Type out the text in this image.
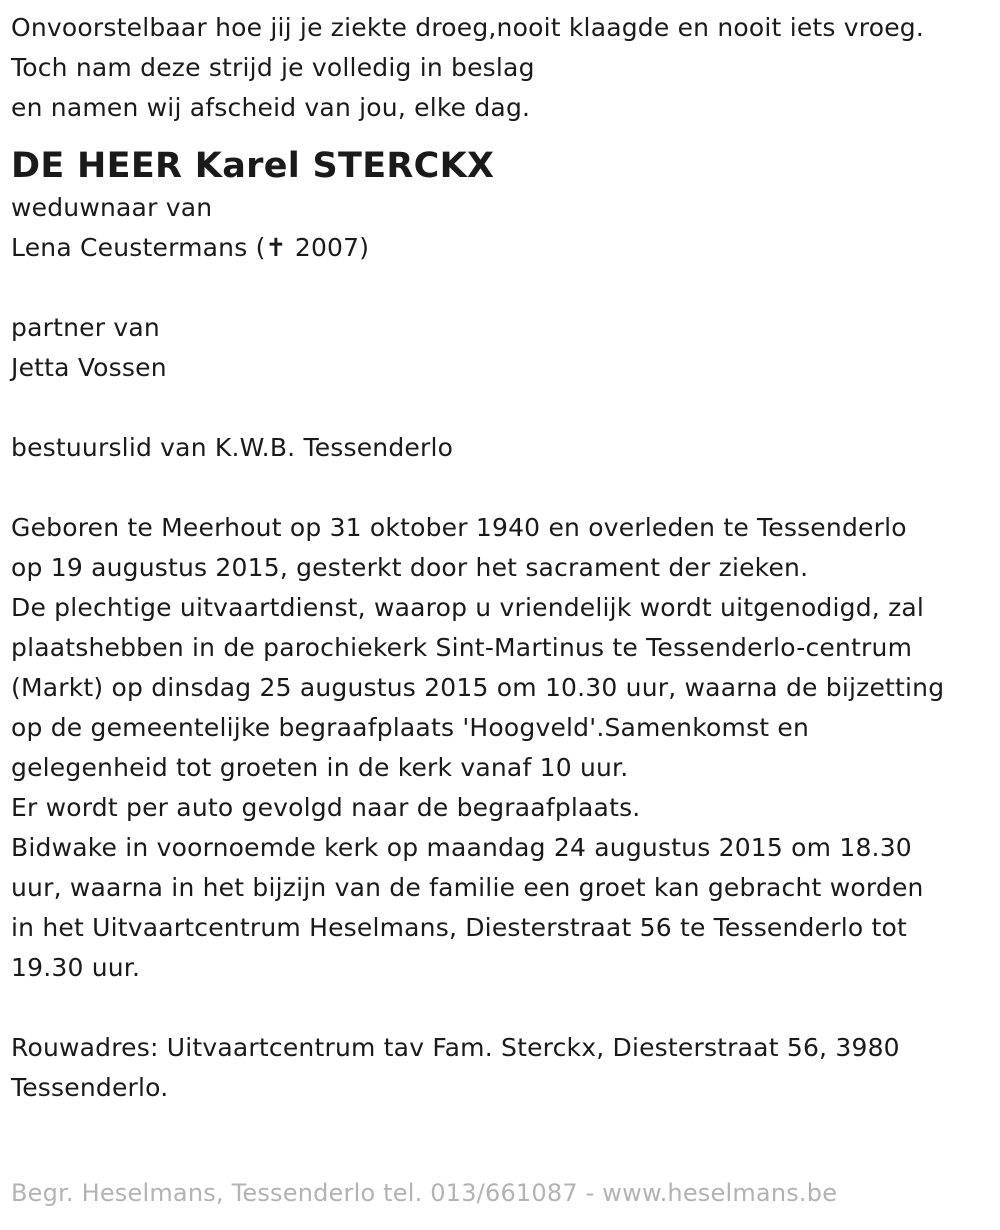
Onvoorstelbaar hoe jij je ziekte droeg,nooit klaagde en nooit iets vroeg.
Toch nam deze strijd je volledig in beslag
en namen wij afscheid van jou, elke dag.
DE HEER Karel STERCKX
weduwnaar van
Lena Ceustermans (✝ 2007)
partner van
Jetta Vossen
bestuurslid van K.W.B. Tessenderlo
Geboren te Meerhout op 31 oktober 1940 en overleden te Tessenderlo
op 19 augustus 2015, gesterkt door het sacrament der zieken.
De plechtige uitvaartdienst, waarop u vriendelijk wordt uitgenodigd, zal
plaatshebben in de parochiekerk Sint-Martinus te Tessenderlo-centrum
(Markt) op dinsdag 25 augustus 2015 om 10.30 uur, waarna de bijzetting
op de gemeentelijke begraafplaats 'Hoogveld'.Samenkomst en
gelegenheid tot groeten in de kerk vanaf 10 uur.
Er wordt per auto gevolgd naar de begraafplaats.
Bidwake in voornoemde kerk op maandag 24 augustus 2015 om 18.30
uur, waarna in het bijzijn van de familie een groet kan gebracht worden
in het Uitvaartcentrum Heselmans, Diesterstraat 56 te Tessenderlo tot
19.30 uur.
Rouwadres: Uitvaartcentrum tav Fam. Sterckx, Diesterstraat 56, 3980
Tessenderlo.
Begr. Heselmans, Tessenderlo tel. 013/661087 - www.heselmans.be
